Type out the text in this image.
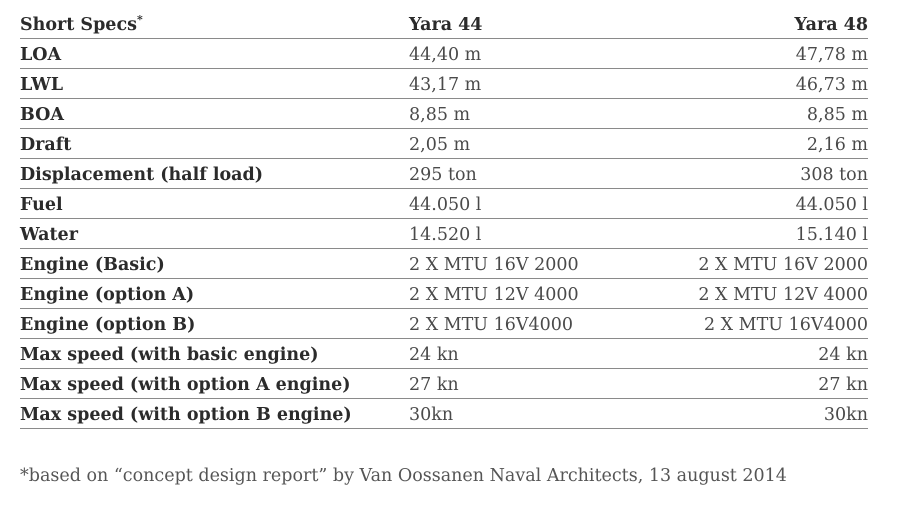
Short Specs*	Yara 44	Yara 48
LOA	44,40 m	47,78 m
LWL	43,17 m	46,73 m
BOA	8,85 m	8,85 m
Draft	2,05 m	2,16 m
Displacement (half load)	295 ton	308 ton
Fuel	44.050 l	44.050 l
Water	14.520 l	15.140 l
Engine (Basic)	2 X MTU 16V 2000	2 X MTU 16V 2000
Engine (option A)	2 X MTU 12V 4000	2 X MTU 12V 4000
Engine (option B)	2 X MTU 16V4000	2 X MTU 16V4000
Max speed (with basic engine)	24 kn	24 kn
Max speed (with option A engine)	27 kn	27 kn
Max speed (with option B engine)	30kn	30kn
*based on “concept design report” by Van Oossanen Naval Architects, 13 august 2014
